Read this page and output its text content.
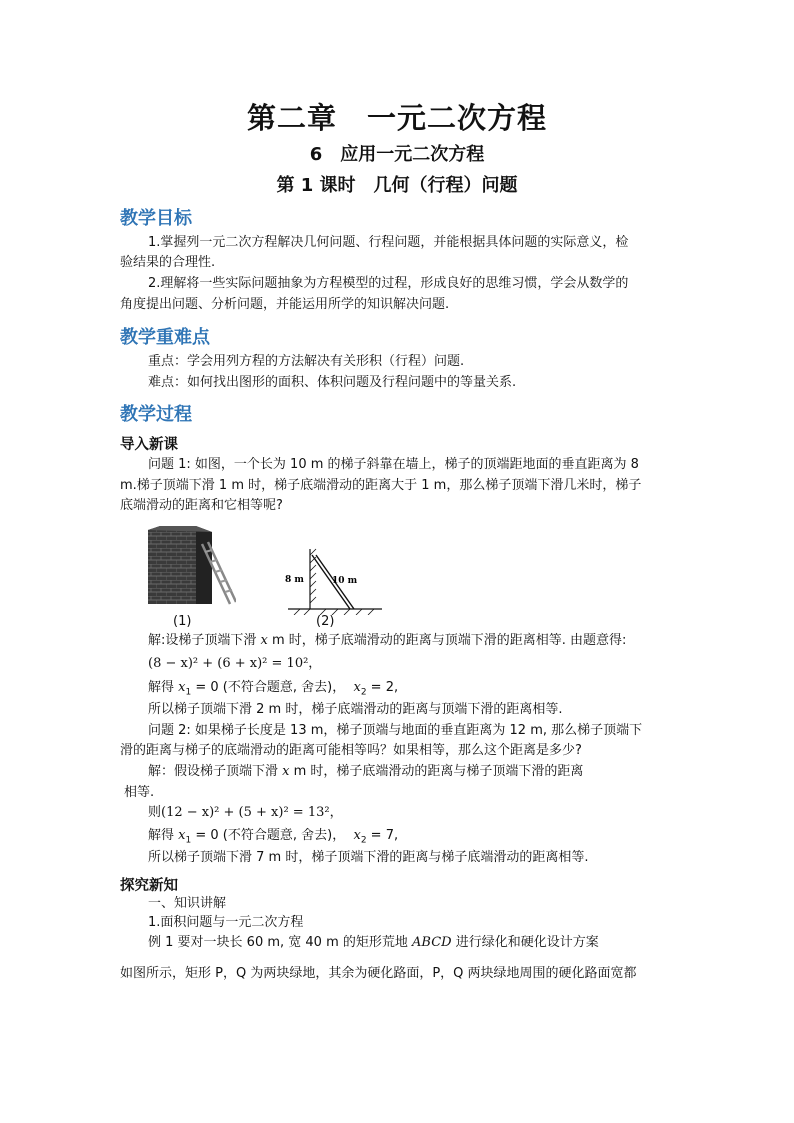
第二章　一元二次方程
6　应用一元二次方程
第 1 课时　几何（行程）问题
教学目标
1.掌握列一元二次方程解决几何问题、行程问题，并能根据具体问题的实际意义，检
验结果的合理性.
2.理解将一些实际问题抽象为方程模型的过程，形成良好的思维习惯，学会从数学的
角度提出问题、分析问题，并能运用所学的知识解决问题.
教学重难点
重点：学会用列方程的方法解决有关形积（行程）问题.
难点：如何找出图形的面积、体积问题及行程问题中的等量关系.
教学过程
导入新课
问题 1: 如图，一个长为 10 m 的梯子斜靠在墙上，梯子的顶端距地面的垂直距离为 8
m.梯子顶端下滑 1 m 时，梯子底端滑动的距离大于 1 m，那么梯子顶端下滑几米时，梯子
底端滑动的距离和它相等呢?
(1)
8 m	10 m
(2)
解:设梯子顶端下滑 x m 时，梯子底端滑动的距离与顶端下滑的距离相等. 由题意得:
(8 − x)² + (6 + x)² = 10²，
解得 $x_1 = 0$ (不符合题意, 舍去)， $x_2 = 2$,
所以梯子顶端下滑 2 m 时，梯子底端滑动的距离与顶端下滑的距离相等.
问题 2: 如果梯子长度是 13 m，梯子顶端与地面的垂直距离为 12 m, 那么梯子顶端下
滑的距离与梯子的底端滑动的距离可能相等吗？如果相等，那么这个距离是多少?
解：假设梯子顶端下滑 x m 时，梯子底端滑动的距离与梯子顶端下滑的距离
相等.
则(12 − x)² + (5 + x)² = 13²，
解得 $x_1 = 0$ (不符合题意, 舍去)， $x_2 = 7$,
所以梯子顶端下滑 7 m 时，梯子顶端下滑的距离与梯子底端滑动的距离相等.
探究新知
一、知识讲解
1.面积问题与一元二次方程
例 1 要对一块长 60 m, 宽 40 m 的矩形荒地 ABCD 进行绿化和硬化设计方案
如图所示，矩形 P，Q 为两块绿地，其余为硬化路面，P，Q 两块绿地周围的硬化路面宽都
